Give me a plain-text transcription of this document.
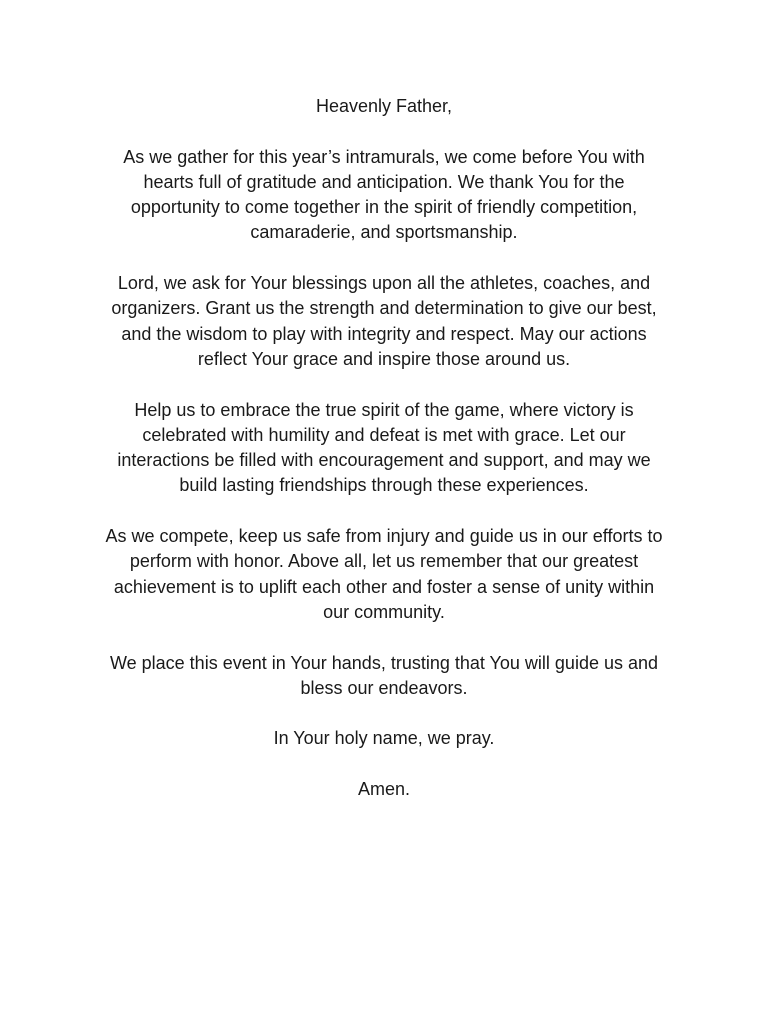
Heavenly Father,

As we gather for this year’s intramurals, we come before You with
hearts full of gratitude and anticipation. We thank You for the
opportunity to come together in the spirit of friendly competition,
camaraderie, and sportsmanship.

Lord, we ask for Your blessings upon all the athletes, coaches, and
organizers. Grant us the strength and determination to give our best,
and the wisdom to play with integrity and respect. May our actions
reflect Your grace and inspire those around us.

Help us to embrace the true spirit of the game, where victory is
celebrated with humility and defeat is met with grace. Let our
interactions be filled with encouragement and support, and may we
build lasting friendships through these experiences.

As we compete, keep us safe from injury and guide us in our efforts to
perform with honor. Above all, let us remember that our greatest
achievement is to uplift each other and foster a sense of unity within
our community.

We place this event in Your hands, trusting that You will guide us and
bless our endeavors.

In Your holy name, we pray.

Amen.
